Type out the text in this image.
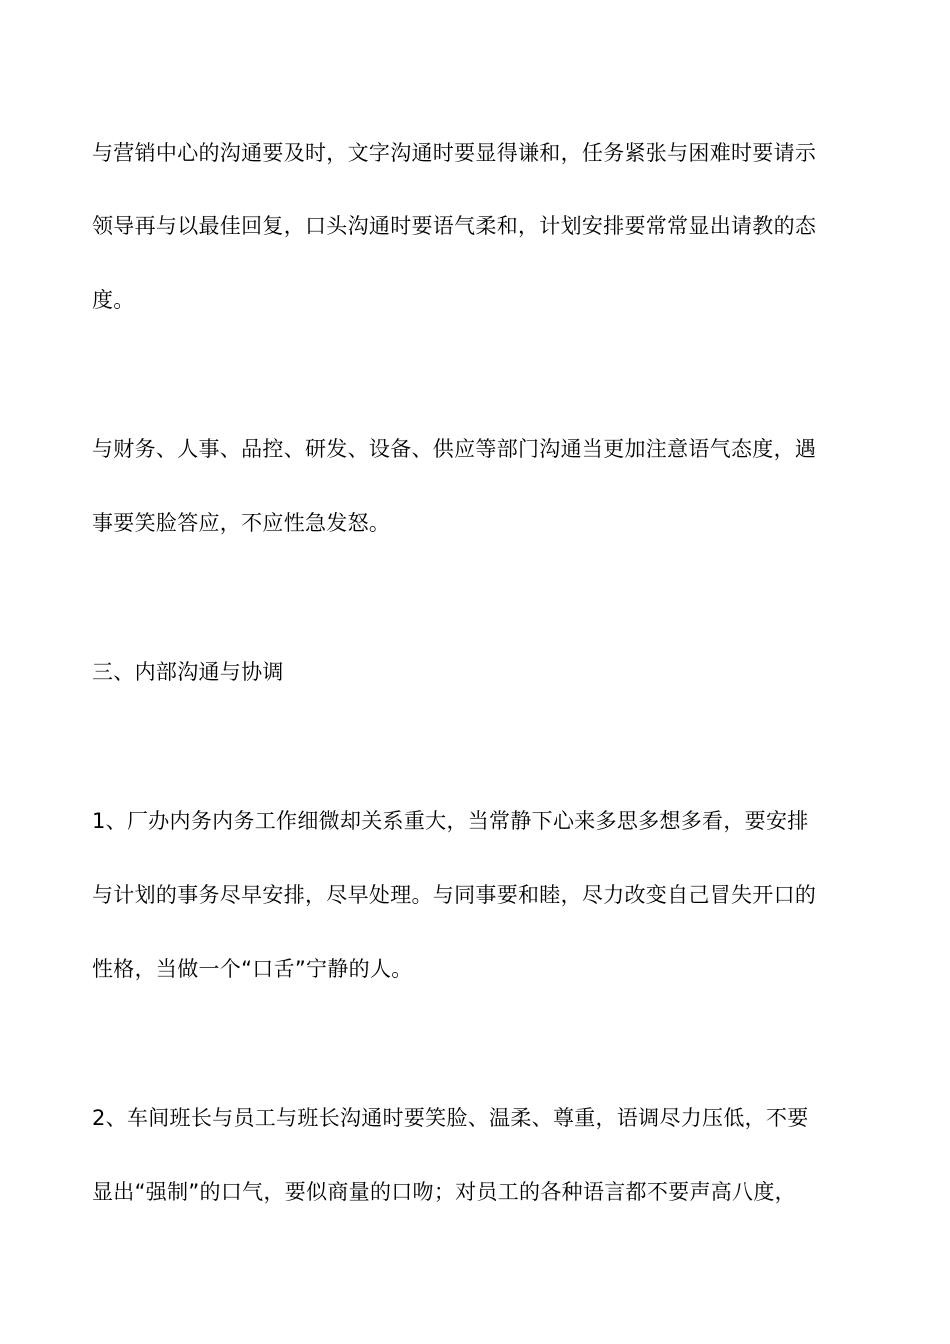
与营销中心的沟通要及时，文字沟通时要显得谦和，任务紧张与困难时要请示
领导再与以最佳回复，口头沟通时要语气柔和，计划安排要常常显出请教的态
度。
与财务、人事、品控、研发、设备、供应等部门沟通当更加注意语气态度，遇
事要笑脸答应，不应性急发怒。
三、内部沟通与协调
1、厂办内务内务工作细微却关系重大，当常静下心来多思多想多看，要安排
与计划的事务尽早安排，尽早处理。与同事要和睦，尽力改变自己冒失开口的
性格，当做一个“口舌”宁静的人。
2、车间班长与员工与班长沟通时要笑脸、温柔、尊重，语调尽力压低，不要
显出“强制”的口气，要似商量的口吻；对员工的各种语言都不要声高八度，
